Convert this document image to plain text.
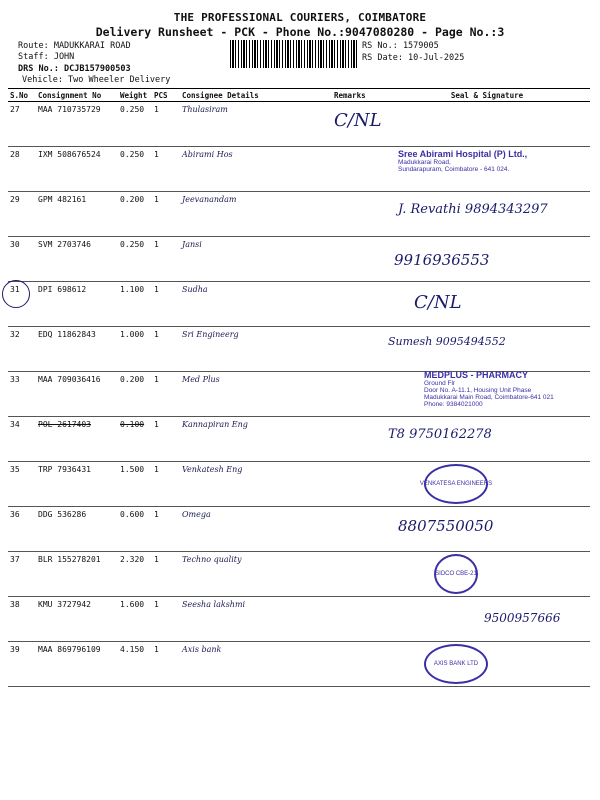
THE PROFESSIONAL COURIERS, COIMBATORE
Delivery Runsheet - PCK - Phone No.:9047080280 - Page No.:3
Route: MADUKKARAI ROAD
Staff: JOHN
DRS No.: DCJB157900503
Vehicle: Two Wheeler Delivery
RS No.: 1579005
RS Date: 10-Jul-2025
S.No	Consignment No	Weight	PCS	Consignee Details	Remarks	Seal & Signature
27	MAA 710735729	0.250	1	Thulasiram		C/NL

28	IXM 508676524	0.250	1	Abirami Hos		Sree Abirami Hospital (P) Ltd.,
Madukkarai Road,
Sundarapuram, Coimbatore - 641 024.

29	GPM 482161	0.200	1	Jeevanandam		J. Revathi 9894343297

30	SVM 2703746	0.250	1	Jansi		9916936553

31	DPI 698612	1.100	1	Sudha		C/NL

32	EDQ 11862843	1.000	1	Sri Engineerg		Sumesh 9095494552

33	MAA 709036416	0.200	1	Med Plus		MEDPLUS - PHARMACY
Ground Flr
Door No. A-11.1, Housing Unit Phase
Madukkarai Main Road, Coimbatore-641 021
Phone: 9384021000

34	POL 2617403	0.100	1	Kannapiran Eng		T8 9750162278

35	TRP 7936431	1.500	1	Venkatesh Eng		VENKATESA ENGINEERS

36	DDG 536286	0.600	1	Omega		8807550050

37	BLR 155278201	2.320	1	Techno quality		SIDCO CBE-21

38	KMU 3727942	1.600	1	Seesha lakshmi		9500957666

39	MAA 869796109	4.150	1	Axis bank		AXIS BANK LTD
